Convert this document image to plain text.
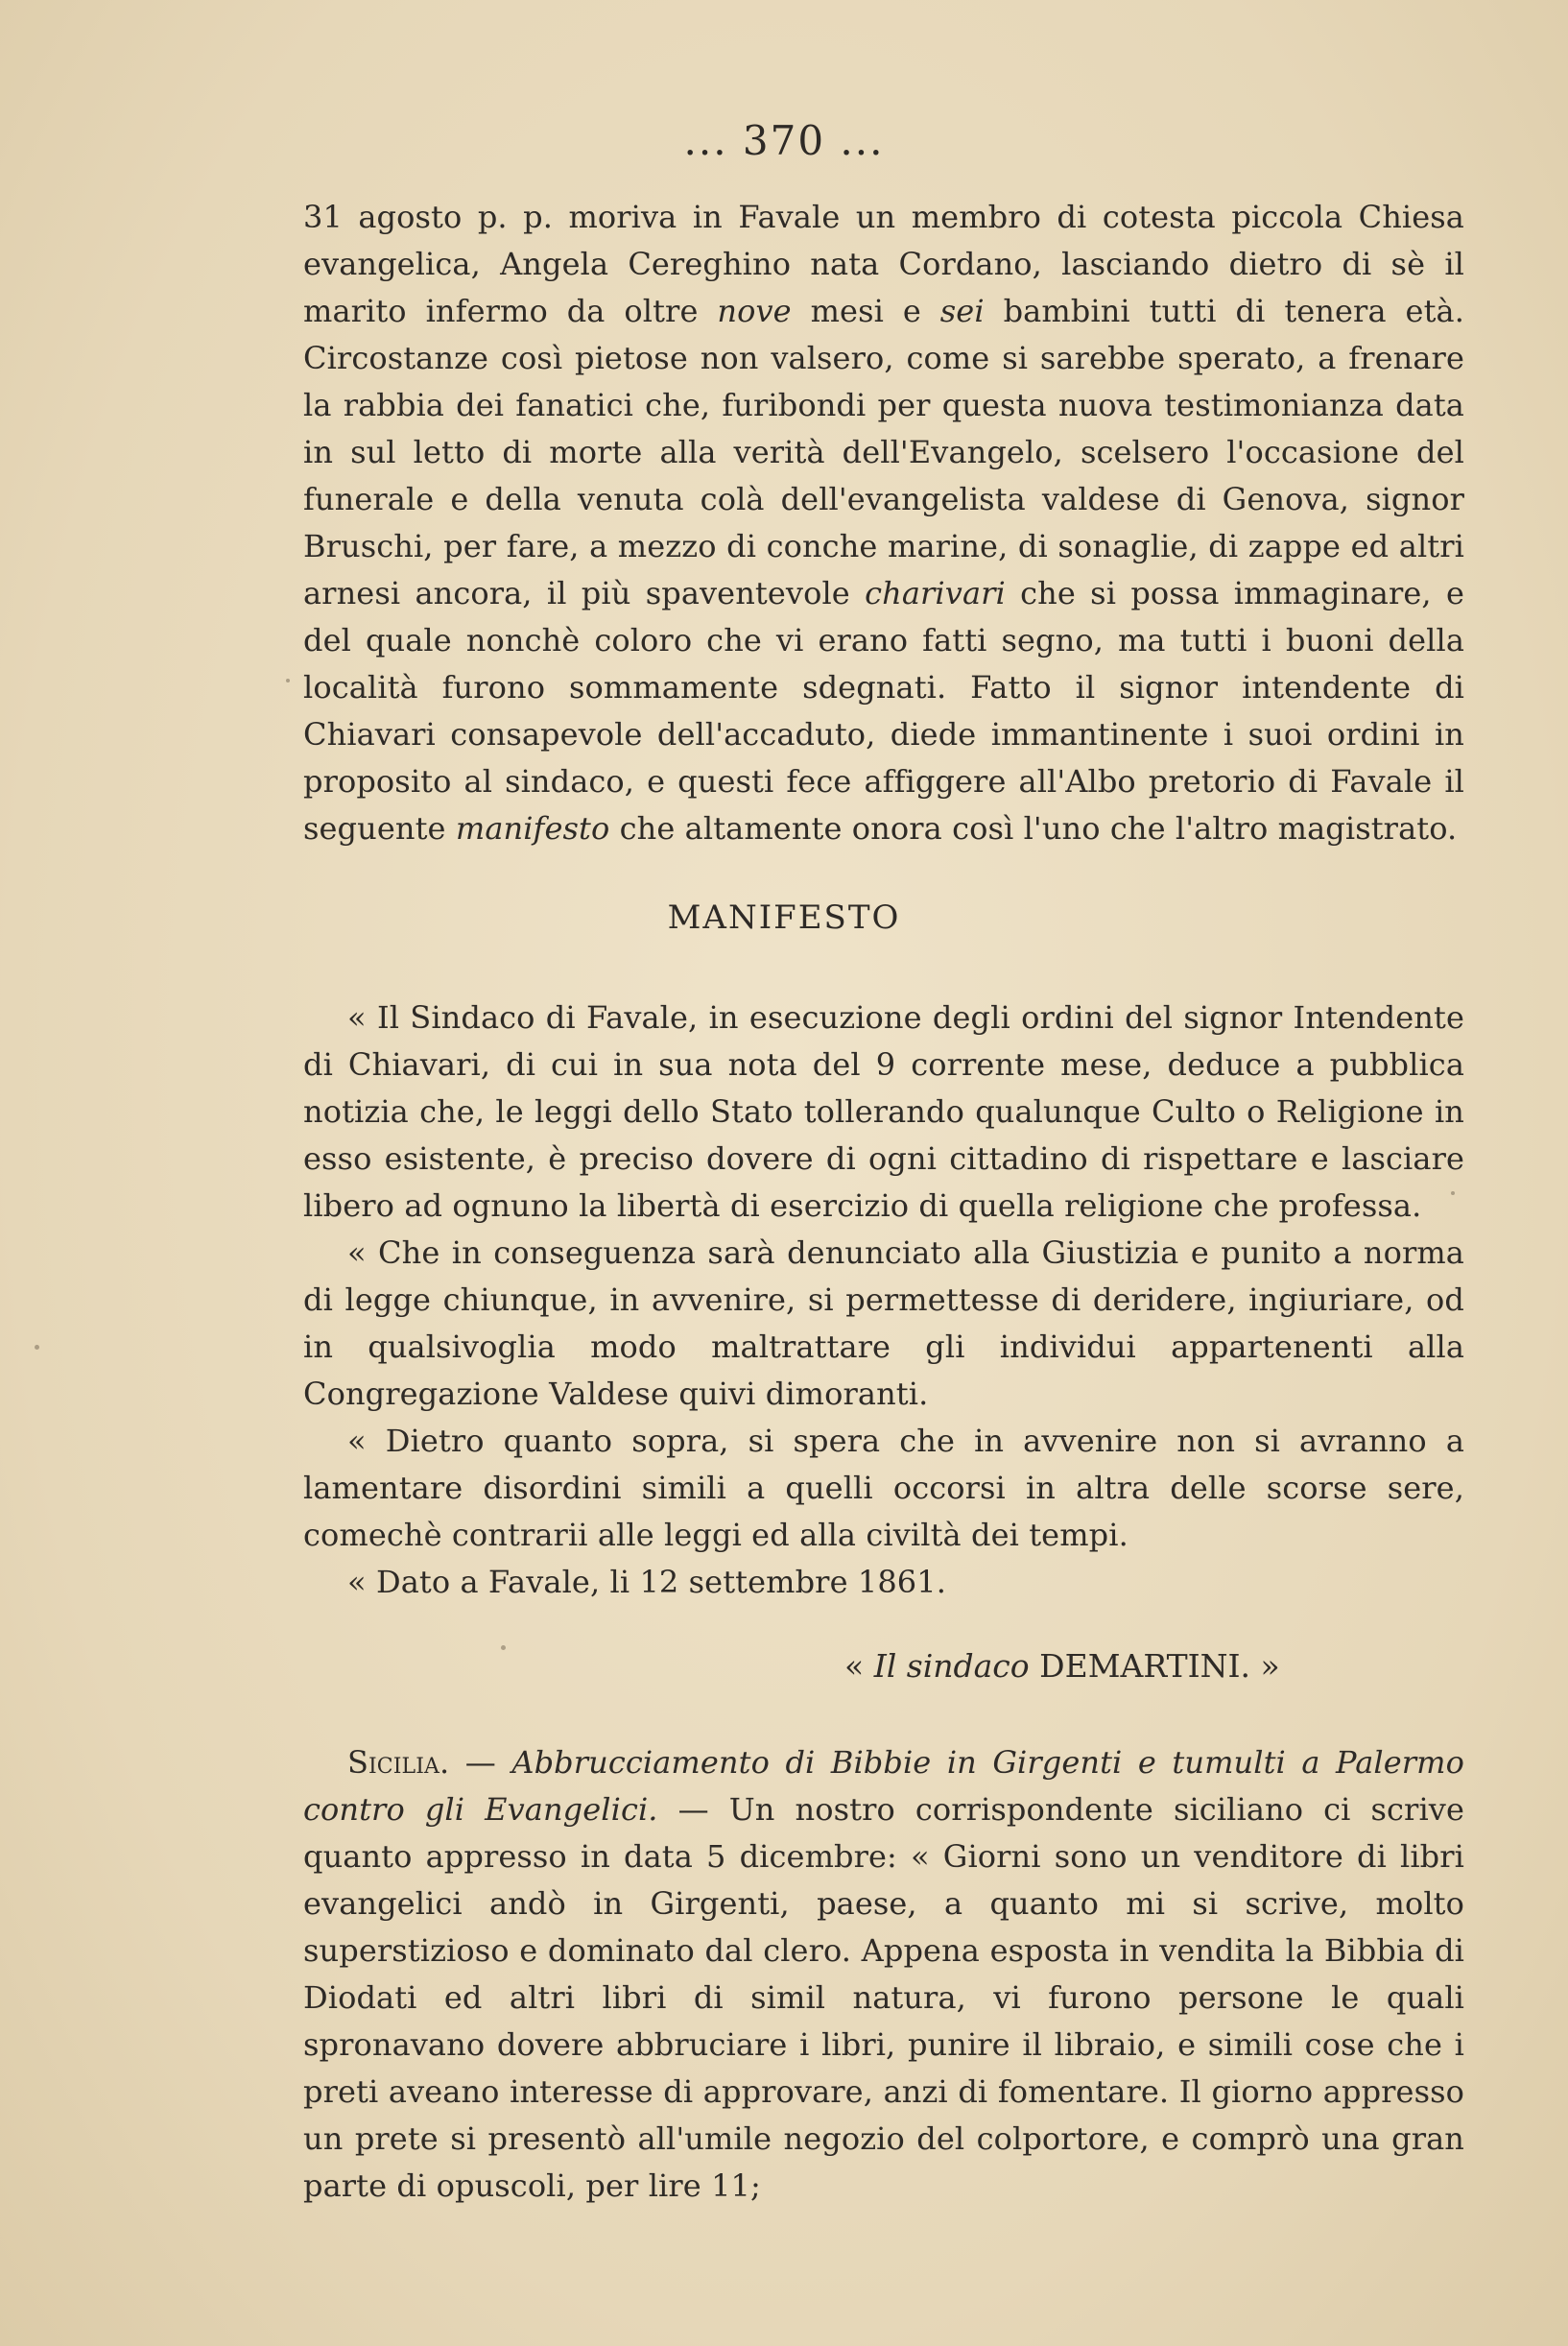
... 370 ...

31 agosto p. p. moriva in Favale un membro di cotesta piccola Chiesa evangelica, Angela Cereghino nata Cordano, lasciando dietro di sè il marito infermo da oltre nove mesi e sei bambini tutti di tenera età. Circostanze così pietose non valsero, come si sarebbe sperato, a frenare la rabbia dei fanatici che, furibondi per questa nuova testimonianza data in sul letto di morte alla verità dell'Evangelo, scelsero l'occasione del funerale e della venuta colà dell'evangelista valdese di Genova, signor Bruschi, per fare, a mezzo di conche marine, di sonaglie, di zappe ed altri arnesi ancora, il più spaventevole charivari che si possa immaginare, e del quale nonchè coloro che vi erano fatti segno, ma tutti i buoni della località furono sommamente sdegnati. Fatto il signor intendente di Chiavari consapevole dell'accaduto, diede immantinente i suoi ordini in proposito al sindaco, e questi fece affiggere all'Albo pretorio di Favale il seguente manifesto che altamente onora così l'uno che l'altro magistrato.

MANIFESTO

« Il Sindaco di Favale, in esecuzione degli ordini del signor Intendente di Chiavari, di cui in sua nota del 9 corrente mese, deduce a pubblica notizia che, le leggi dello Stato tollerando qualunque Culto o Religione in esso esistente, è preciso dovere di ogni cittadino di rispettare e lasciare libero ad ognuno la libertà di esercizio di quella religione che professa.

« Che in conseguenza sarà denunciato alla Giustizia e punito a norma di legge chiunque, in avvenire, si permettesse di deridere, ingiuriare, od in qualsivoglia modo maltrattare gli individui appartenenti alla Congregazione Valdese quivi dimoranti.

« Dietro quanto sopra, si spera che in avvenire non si avranno a lamentare disordini simili a quelli occorsi in altra delle scorse sere, comechè contrarii alle leggi ed alla civiltà dei tempi.

« Dato a Favale, li 12 settembre 1861.

« Il sindaco DEMARTINI. »

Sicilia. — Abbrucciamento di Bibbie in Girgenti e tumulti a Palermo contro gli Evangelici. — Un nostro corrispondente siciliano ci scrive quanto appresso in data 5 dicembre: « Giorni sono un venditore di libri evangelici andò in Girgenti, paese, a quanto mi si scrive, molto superstizioso e dominato dal clero. Appena esposta in vendita la Bibbia di Diodati ed altri libri di simil natura, vi furono persone le quali spronavano dovere abbruciare i libri, punire il libraio, e simili cose che i preti aveano interesse di approvare, anzi di fomentare. Il giorno appresso un prete si presentò all'umile negozio del colportore, e comprò una gran parte di opuscoli, per lire 11;
